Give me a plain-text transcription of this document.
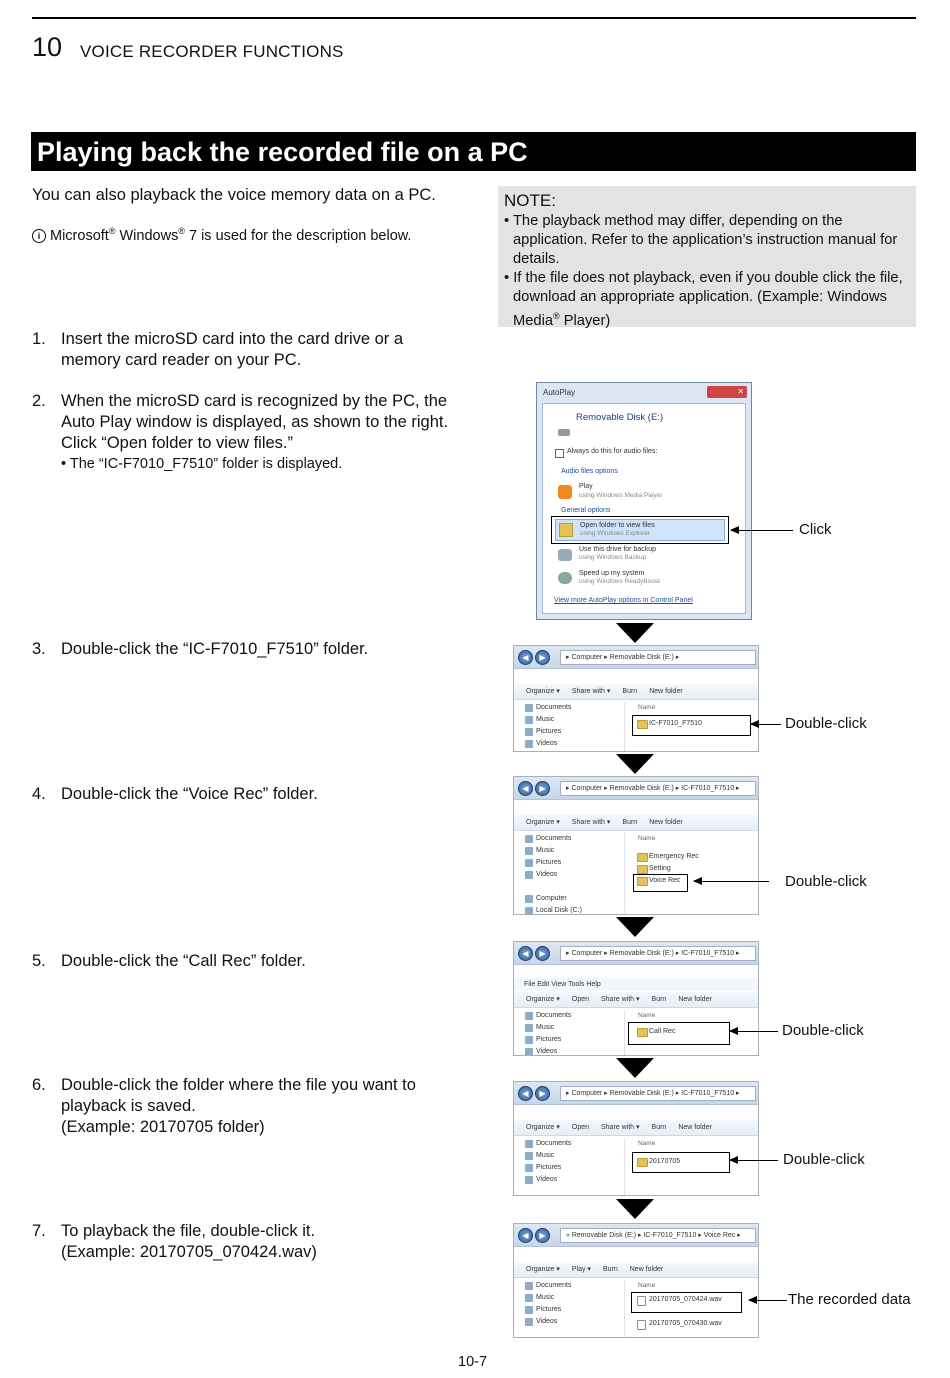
10 VOICE RECORDER FUNCTIONS
Playing back the recorded file on a PC
You can also playback the voice memory data on a PC.
i Microsoft® Windows® 7 is used for the description below.
NOTE:
• The playback method may differ, depending on the application. Refer to the application’s instruction manual for details.
• If the file does not playback, even if you double click the file, download an appropriate application. (Example: Windows Media® Player)
1. Insert the microSD card into the card drive or a memory card reader on your PC.
2. When the microSD card is recognized by the PC, the Auto Play window is displayed, as shown to the right. Click “Open folder to view files.”
• The “IC-F7010_F7510” folder is displayed.
3. Double-click the “IC-F7010_F7510” folder.
4. Double-click the “Voice Rec” folder.
5. Double-click the “Call Rec” folder.
6. Double-click the folder where the file you want to playback is saved.
(Example: 20170705 folder)
7. To playback the file, double-click it.
(Example: 20170705_070424.wav)
AutoPlay	✕
Removable Disk (E:)
Always do this for audio files:
Audio files options
Play
using Windows Media Player
General options
Open folder to view files
using Windows Explorer
Use this drive for backup
using Windows Backup
Speed up my system
using Windows ReadyBoost
View more AutoPlay options in Control Panel
Click
◀	▶	▸ Computer ▸ Removable Disk (E:) ▸
Organize ▾ Share with ▾ Burn New folder
Documents
Music
Pictures
Videos
Name
IC-F7010_F7510	Double-click
◀	▶	▸ Computer ▸ Removable Disk (E:) ▸ IC-F7010_F7510 ▸
Organize ▾ Share with ▾ Burn New folder
Documents
Music
Pictures
Videos
Computer
Local Disk (C:)
Name
Emergency Rec
Setting
Voice Rec	Double-click
◀	▶	▸ Computer ▸ Removable Disk (E:) ▸ IC-F7010_F7510 ▸
File Edit View Tools Help
Organize ▾ Open Share with ▾ Burn New folder
Documents
Music
Pictures
Videos
Name
Call Rec	Double-click
◀	▶	▸ Computer ▸ Removable Disk (E:) ▸ IC-F7010_F7510 ▸
Organize ▾ Open Share with ▾ Burn New folder
Documents
Music
Pictures
Videos
Name
20170705	Double-click
◀	▶	« Removable Disk (E:) ▸ IC-F7010_F7510 ▸ Voice Rec ▸
Organize ▾ Play ▾ Burn New folder
Documents
Music
Pictures
Videos
Name
20170705_070424.wav
20170705_070430.wav
The recorded data
10-7
